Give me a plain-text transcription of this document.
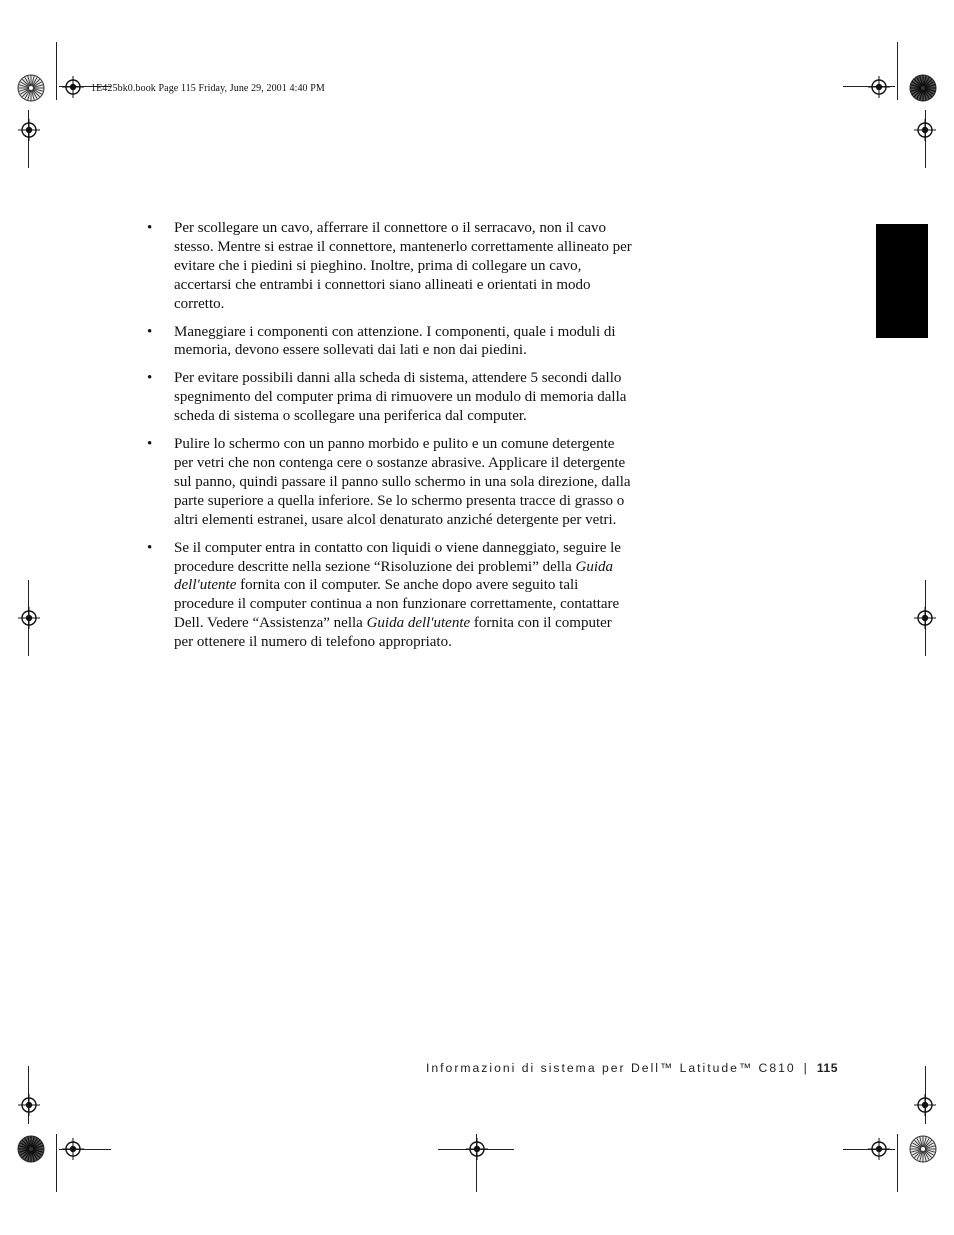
1E425bk0.book Page 115 Friday, June 29, 2001 4:40 PM
• Per scollegare un cavo, afferrare il connettore o il serracavo, non il cavo stesso. Mentre si estrae il connettore, mantenerlo correttamente allineato per evitare che i piedini si pieghino. Inoltre, prima di collegare un cavo, accertarsi che entrambi i connettori siano allineati e orientati in modo corretto.
• Maneggiare i componenti con attenzione. I componenti, quale i moduli di memoria, devono essere sollevati dai lati e non dai piedini.
• Per evitare possibili danni alla scheda di sistema, attendere 5 secondi dallo spegnimento del computer prima di rimuovere un modulo di memoria dalla scheda di sistema o scollegare una periferica dal computer.
• Pulire lo schermo con un panno morbido e pulito e un comune detergente per vetri che non contenga cere o sostanze abrasive. Applicare il detergente sul panno, quindi passare il panno sullo schermo in una sola direzione, dalla parte superiore a quella inferiore. Se lo schermo presenta tracce di grasso o altri elementi estranei, usare alcol denaturato anziché detergente per vetri.
• Se il computer entra in contatto con liquidi o viene danneggiato, seguire le procedure descritte nella sezione “Risoluzione dei problemi” della Guida dell'utente fornita con il computer. Se anche dopo avere seguito tali procedure il computer continua a non funzionare correttamente, contattare Dell. Vedere “Assistenza” nella Guida dell'utente fornita con il computer per ottenere il numero di telefono appropriato.
Informazioni di sistema per Dell™ Latitude™ C810 | 115
